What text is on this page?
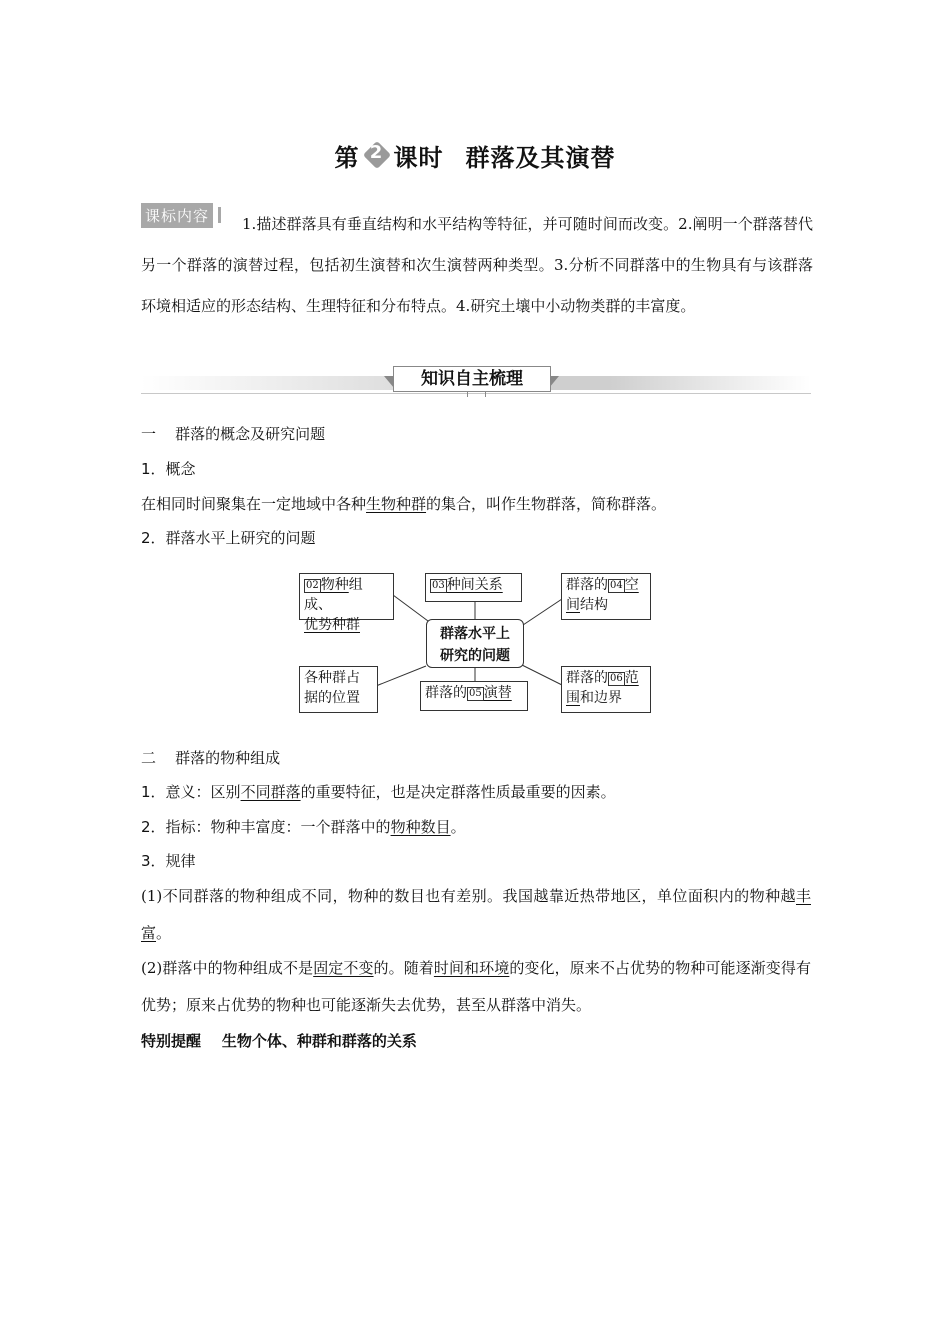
第 2 课时 群落及其演替
1.描述群落具有垂直结构和水平结构等特征，并可随时间而改变。2.阐明一个群落替代另一个群落的演替过程，包括初生演替和次生演替两种类型。3.分析不同群落中的生物具有与该群落环境相适应的形态结构、生理特征和分布特点。4.研究土壤中小动物类群的丰富度。
课标内容
知识自主梳理
一 群落的概念及研究问题
1．概念
在相同时间聚集在一定地域中各种生物种群的集合，叫作生物群落，简称群落。
2．群落水平上研究的问题
群落水平上
研究的问题
02 物种组成、
优势种群
03 种间关系	群落的 04 空
间结构
各种群占
据的位置	群落的 05 演替
群落的 06 范
围和边界
二 群落的物种组成
1．意义：区别不同群落的重要特征，也是决定群落性质最重要的因素。
2．指标：物种丰富度：一个群落中的物种数目。
3．规律
(1)不同群落的物种组成不同，物种的数目也有差别。我国越靠近热带地区，单位面积内的物种越丰富。
(2)群落中的物种组成不是固定不变的。随着时间和环境的变化，原来不占优势的物种可能逐渐变得有优势；原来占优势的物种也可能逐渐失去优势，甚至从群落中消失。
特别提醒 生物个体、种群和群落的关系
